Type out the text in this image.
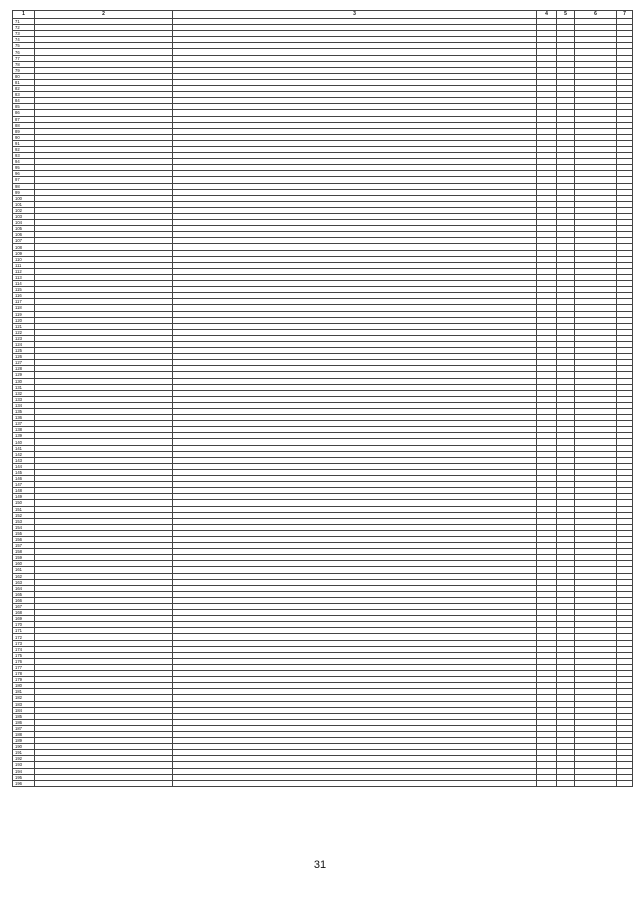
1	2	3	4	5	6	7
71						
72						
73						
74						
75						
76						
77						
78						
79						
80						
81						
82						
83						
84						
85						
86						
87						
88						
89						
90						
91						
92						
93						
94						
95						
96						
97						
98						
99						
100						
101						
102						
103						
104						
105						
106						
107						
108						
109						
110						
111						
112						
113						
114						
115						
116						
117						
118						
119						
120						
121						
122						
123						
124						
125						
126						
127						
128						
129						
130						
131						
132						
133						
134						
135						
136						
137						
138						
139						
140						
141						
142						
143						
144						
145						
146						
147						
148						
149						
150						
151						
152						
153						
154						
155						
156						
157						
158						
159						
160						
161						
162						
163						
164						
165						
166						
167						
168						
169						
170						
171						
172						
173						
174						
175						
176						
177						
178						
179						
180						
181						
182						
183						
184						
185						
186						
187						
188						
189						
190						
191						
192						
193						
194						
195						
196						
31
